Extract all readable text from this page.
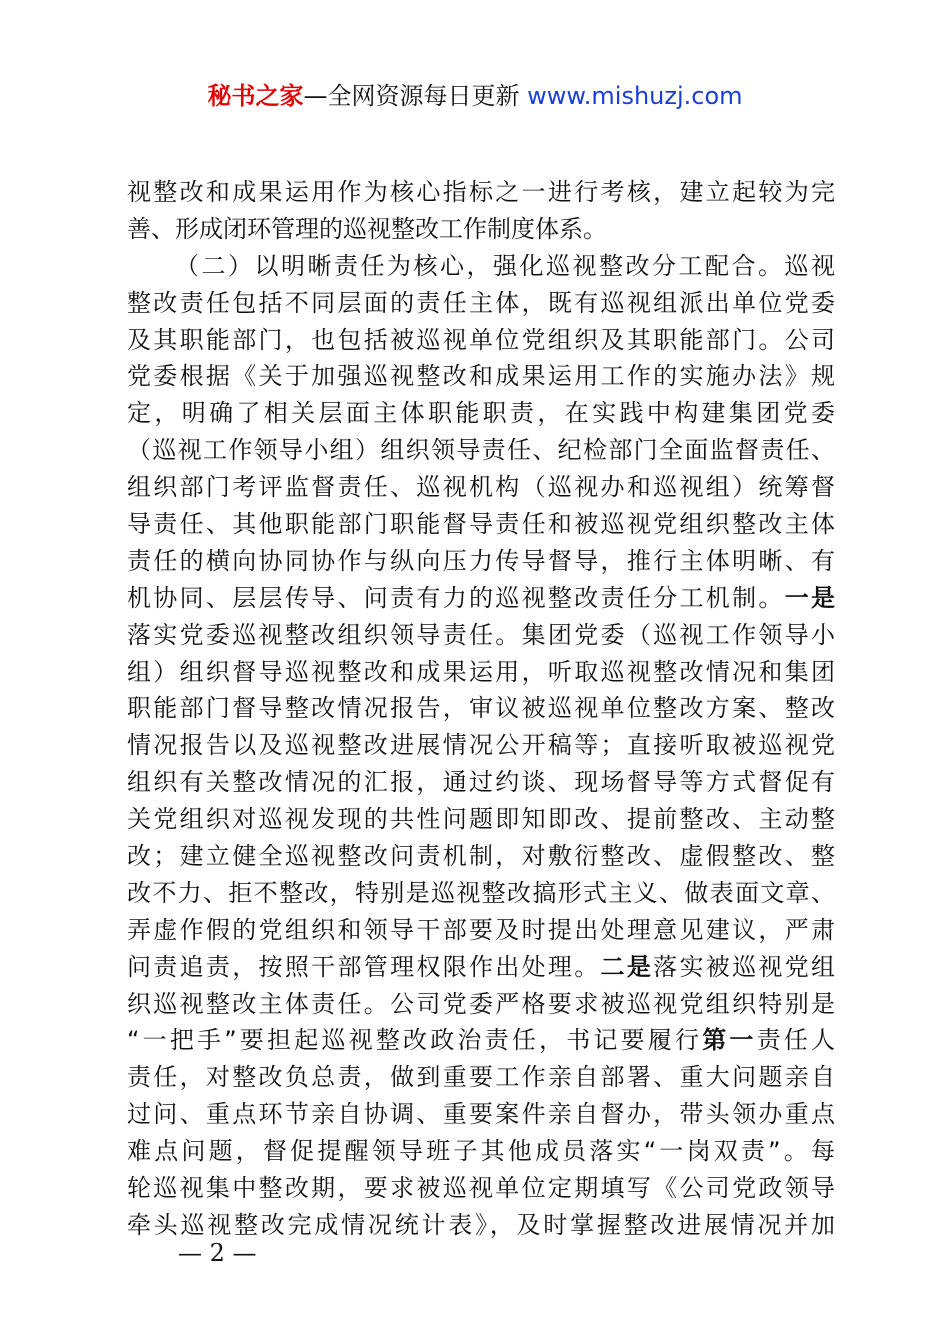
秘书之家—全网资源每日更新 www.mishuzj.com
视整改和成果运用作为核心指标之一进行考核，建立起较为完
善、形成闭环管理的巡视整改工作制度体系。
（二）以明晰责任为核心，强化巡视整改分工配合。巡视
整改责任包括不同层面的责任主体，既有巡视组派出单位党委
及其职能部门，也包括被巡视单位党组织及其职能部门。公司
党委根据《关于加强巡视整改和成果运用工作的实施办法》规
定，明确了相关层面主体职能职责，在实践中构建集团党委
（巡视工作领导小组）组织领导责任、纪检部门全面监督责任、
组织部门考评监督责任、巡视机构（巡视办和巡视组）统筹督
导责任、其他职能部门职能督导责任和被巡视党组织整改主体
责任的横向协同协作与纵向压力传导督导，推行主体明晰、有
机协同、层层传导、问责有力的巡视整改责任分工机制。一是
落实党委巡视整改组织领导责任。集团党委（巡视工作领导小
组）组织督导巡视整改和成果运用，听取巡视整改情况和集团
职能部门督导整改情况报告，审议被巡视单位整改方案、整改
情况报告以及巡视整改进展情况公开稿等；直接听取被巡视党
组织有关整改情况的汇报，通过约谈、现场督导等方式督促有
关党组织对巡视发现的共性问题即知即改、提前整改、主动整
改；建立健全巡视整改问责机制，对敷衍整改、虚假整改、整
改不力、拒不整改，特别是巡视整改搞形式主义、做表面文章、
弄虚作假的党组织和领导干部要及时提出处理意见建议，严肃
问责追责，按照干部管理权限作出处理。二是落实被巡视党组
织巡视整改主体责任。公司党委严格要求被巡视党组织特别是
“一把手”要担起巡视整改政治责任，书记要履行第一责任人
责任，对整改负总责，做到重要工作亲自部署、重大问题亲自
过问、重点环节亲自协调、重要案件亲自督办，带头领办重点
难点问题，督促提醒领导班子其他成员落实“一岗双责”。每
轮巡视集中整改期，要求被巡视单位定期填写《公司党政领导
牵头巡视整改完成情况统计表》，及时掌握整改进展情况并加
— 2 —
